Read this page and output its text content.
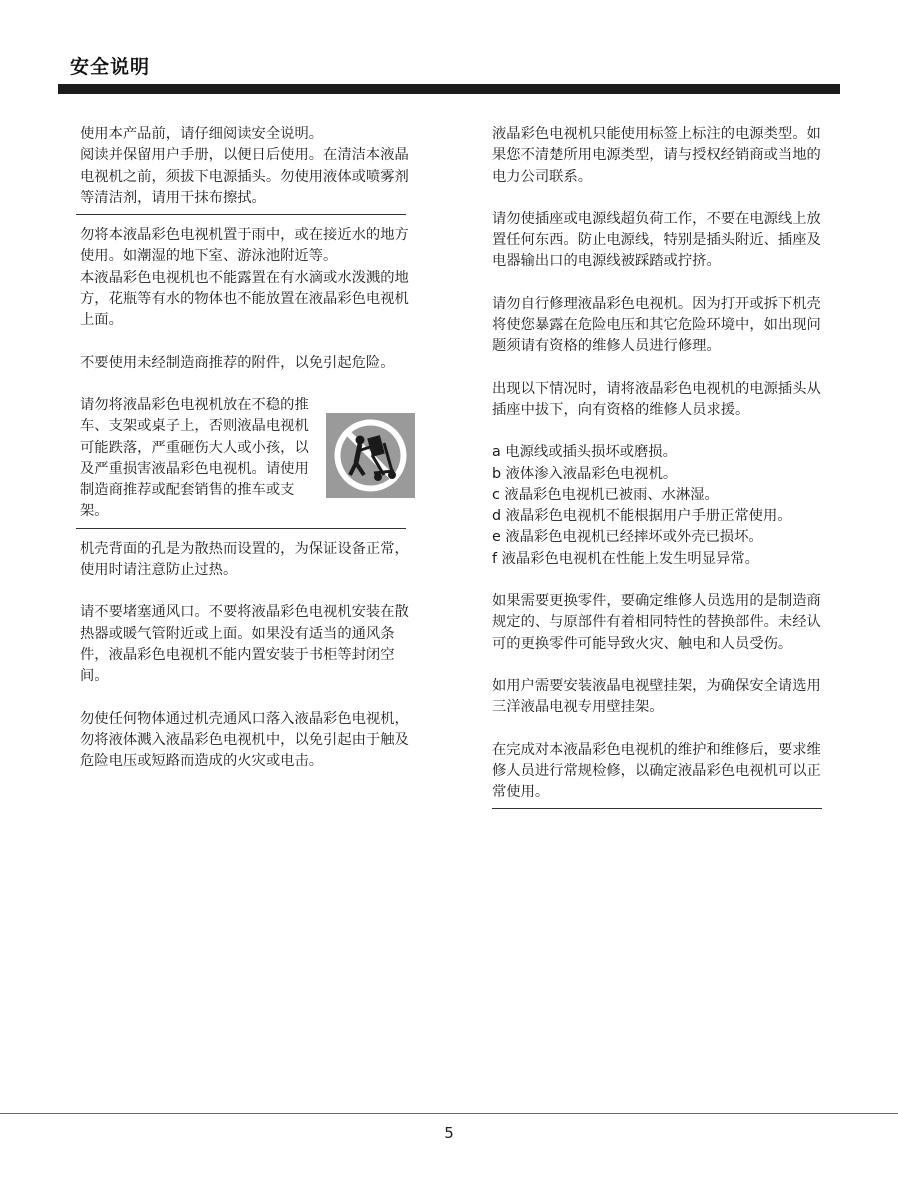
安全说明

使用本产品前，请仔细阅读安全说明。
阅读并保留用户手册，以便日后使用。在清洁本液晶电视机之前，须拔下电源插头。勿使用液体或喷雾剂等清洁剂，请用干抹布擦拭。

勿将本液晶彩色电视机置于雨中，或在接近水的地方使用。如潮湿的地下室、游泳池附近等。
本液晶彩色电视机也不能露置在有水滴或水泼溅的地方，花瓶等有水的物体也不能放置在液晶彩色电视机上面。

不要使用未经制造商推荐的附件，以免引起危险。

请勿将液晶彩色电视机放在不稳的推车、支架或桌子上，否则液晶电视机可能跌落，严重砸伤大人或小孩，以及严重损害液晶彩色电视机。请使用制造商推荐或配套销售的推车或支架。

机壳背面的孔是为散热而设置的，为保证设备正常，使用时请注意防止过热。

请不要堵塞通风口。不要将液晶彩色电视机安装在散热器或暖气管附近或上面。如果没有适当的通风条件，液晶彩色电视机不能内置安装于书柜等封闭空间。

勿使任何物体通过机壳通风口落入液晶彩色电视机，勿将液体溅入液晶彩色电视机中，以免引起由于触及危险电压或短路而造成的火灾或电击。

液晶彩色电视机只能使用标签上标注的电源类型。如果您不清楚所用电源类型，请与授权经销商或当地的电力公司联系。

请勿使插座或电源线超负荷工作，不要在电源线上放置任何东西。防止电源线，特别是插头附近、插座及电器输出口的电源线被踩踏或拧挤。

请勿自行修理液晶彩色电视机。因为打开或拆下机壳将使您暴露在危险电压和其它危险环境中，如出现问题须请有资格的维修人员进行修理。

出现以下情况时，请将液晶彩色电视机的电源插头从插座中拔下，向有资格的维修人员求援。

a 电源线或插头损坏或磨损。

b 液体渗入液晶彩色电视机。

c 液晶彩色电视机已被雨、水淋湿。

d 液晶彩色电视机不能根据用户手册正常使用。

e 液晶彩色电视机已经摔坏或外壳已损坏。

f 液晶彩色电视机在性能上发生明显异常。

如果需要更换零件，要确定维修人员选用的是制造商规定的、与原部件有着相同特性的替换部件。未经认可的更换零件可能导致火灾、触电和人员受伤。

如用户需要安装液晶电视壁挂架，为确保安全请选用三洋液晶电视专用壁挂架。

在完成对本液晶彩色电视机的维护和维修后，要求维修人员进行常规检修，以确定液晶彩色电视机可以正常使用。

5
